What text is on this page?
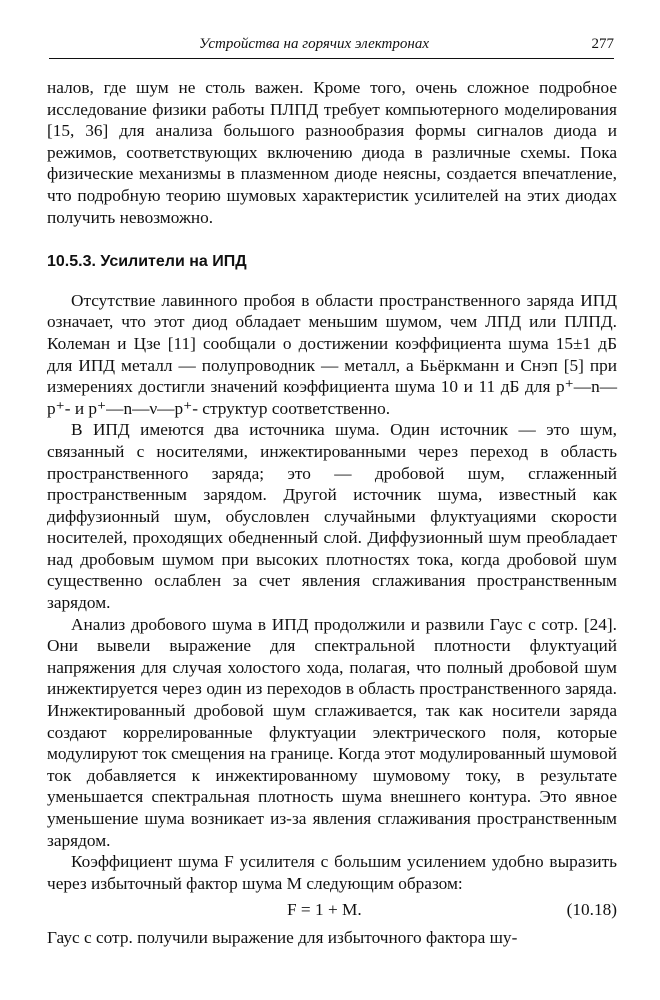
Устройства на горячих электронах	277

налов, где шум не столь важен. Кроме того, очень сложное подробное исследование физики работы ПЛПД требует компьютерного моделирования [15, 36] для анализа большого разнообразия формы сигналов диода и режимов, соответствующих включению диода в различные схемы. Пока физические механизмы в плазменном диоде неясны, создается впечатление, что подробную теорию шумовых характеристик усилителей на этих диодах получить невозможно.

10.5.3. Усилители на ИПД

Отсутствие лавинного пробоя в области пространственного заряда ИПД означает, что этот диод обладает меньшим шумом, чем ЛПД или ПЛПД. Колеман и Цзе [11] сообщали о достижении коэффициента шума 15±1 дБ для ИПД металл — полупроводник — металл, а Бьёркманн и Снэп [5] при измерениях достигли значений коэффициента шума 10 и 11 дБ для p⁺—n—p⁺- и p⁺—n—ν—p⁺- структур соответственно.

В ИПД имеются два источника шума. Один источник — это шум, связанный с носителями, инжектированными через переход в область пространственного заряда; это — дробовой шум, сглаженный пространственным зарядом. Другой источник шума, известный как диффузионный шум, обусловлен случайными флуктуациями скорости носителей, проходящих обедненный слой. Диффузионный шум преобладает над дробовым шумом при высоких плотностях тока, когда дробовой шум существенно ослаблен за счет явления сглаживания пространственным зарядом.

Анализ дробового шума в ИПД продолжили и развили Гаус с сотр. [24]. Они вывели выражение для спектральной плотности флуктуаций напряжения для случая холостого хода, полагая, что полный дробовой шум инжектируется через один из переходов в область пространственного заряда. Инжектированный дробовой шум сглаживается, так как носители заряда создают коррелированные флуктуации электрического поля, которые модулируют ток смещения на границе. Когда этот модулированный шумовой ток добавляется к инжектированному шумовому току, в результате уменьшается спектральная плотность шума внешнего контура. Это явное уменьшение шума возникает из-за явления сглаживания пространственным зарядом.

Коэффициент шума F усилителя с большим усилением удобно выразить через избыточный фактор шума M следующим образом:

F = 1 + M.	(10.18)

Гаус с сотр. получили выражение для избыточного фактора шу-
